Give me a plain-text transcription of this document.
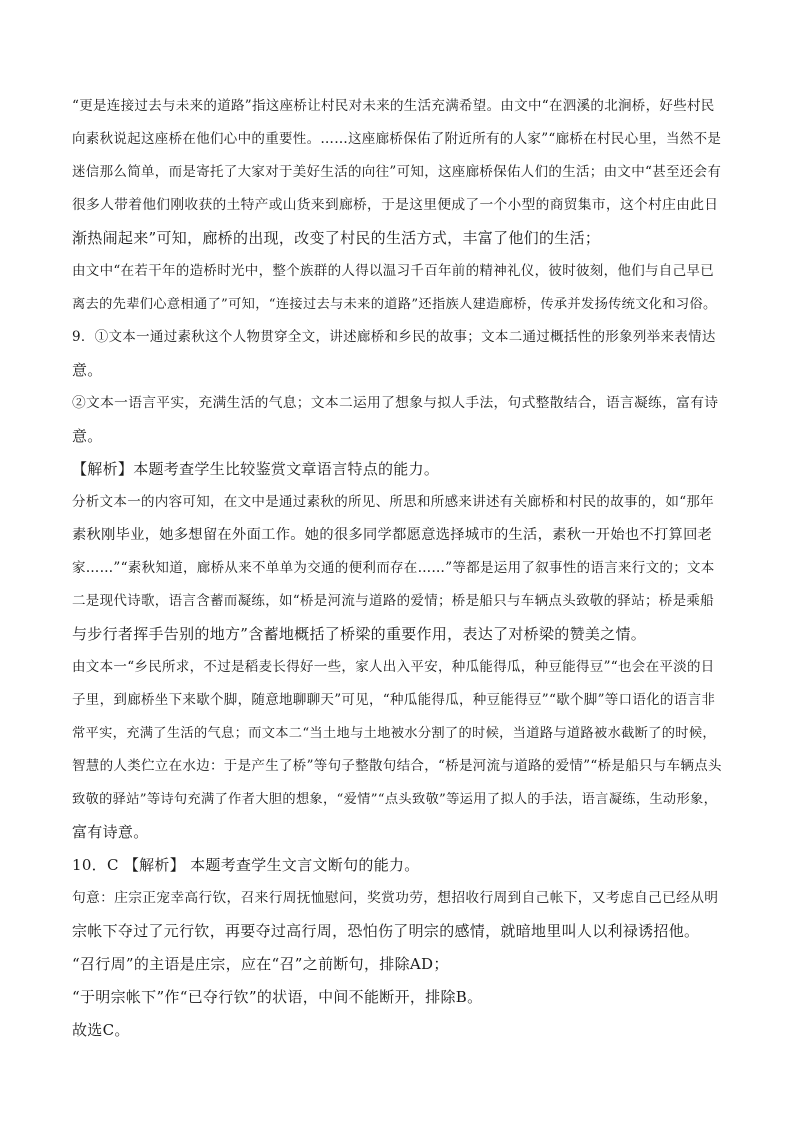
“更是连接过去与未来的道路”指这座桥让村民对未来的生活充满希望。由文中“在泗溪的北涧桥，好些村民
向素秋说起这座桥在他们心中的重要性。……这座廊桥保佑了附近所有的人家”“廊桥在村民心里，当然不是
迷信那么简单，而是寄托了大家对于美好生活的向往”可知，这座廊桥保佑人们的生活；由文中“甚至还会有
很多人带着他们刚收获的土特产或山货来到廊桥，于是这里便成了一个小型的商贸集市，这个村庄由此日
渐热闹起来”可知，廊桥的出现，改变了村民的生活方式，丰富了他们的生活；
由文中“在若干年的造桥时光中，整个族群的人得以温习千百年前的精神礼仪，彼时彼刻，他们与自己早已
离去的先辈们心意相通了”可知，“连接过去与未来的道路”还指族人建造廊桥，传承并发扬传统文化和习俗。
9．①文本一通过素秋这个人物贯穿全文，讲述廊桥和乡民的故事；文本二通过概括性的形象列举来表情达
意。
②文本一语言平实，充满生活的气息；文本二运用了想象与拟人手法，句式整散结合，语言凝练，富有诗
意。
【解析】本题考查学生比较鉴赏文章语言特点的能力。
分析文本一的内容可知，在文中是通过素秋的所见、所思和所感来讲述有关廊桥和村民的故事的，如“那年
素秋刚毕业，她多想留在外面工作。她的很多同学都愿意选择城市的生活，素秋一开始也不打算回老
家……”“素秋知道，廊桥从来不单单为交通的便利而存在……”等都是运用了叙事性的语言来行文的；文本
二是现代诗歌，语言含蓄而凝练，如“桥是河流与道路的爱情；桥是船只与车辆点头致敬的驿站；桥是乘船
与步行者挥手告别的地方”含蓄地概括了桥梁的重要作用，表达了对桥梁的赞美之情。
由文本一“乡民所求，不过是稻麦长得好一些，家人出入平安，种瓜能得瓜，种豆能得豆”“也会在平淡的日
子里，到廊桥坐下来歇个脚，随意地聊聊天”可见，“种瓜能得瓜，种豆能得豆”“歇个脚”等口语化的语言非
常平实，充满了生活的气息；而文本二“当土地与土地被水分割了的时候，当道路与道路被水截断了的时候，
智慧的人类伫立在水边：于是产生了桥”等句子整散句结合，“桥是河流与道路的爱情”“桥是船只与车辆点头
致敬的驿站”等诗句充满了作者大胆的想象，“爱情”“点头致敬”等运用了拟人的手法，语言凝练，生动形象，
富有诗意。
10．C 【解析】 本题考查学生文言文断句的能力。
句意：庄宗正宠幸高行钦，召来行周抚恤慰问，奖赏功劳，想招收行周到自己帐下，又考虑自己已经从明
宗帐下夺过了元行钦，再要夺过高行周，恐怕伤了明宗的感情，就暗地里叫人以利禄诱招他。
“召行周”的主语是庄宗，应在“召”之前断句，排除AD；
“于明宗帐下”作“已夺行钦”的状语，中间不能断开，排除B。
故选C。
